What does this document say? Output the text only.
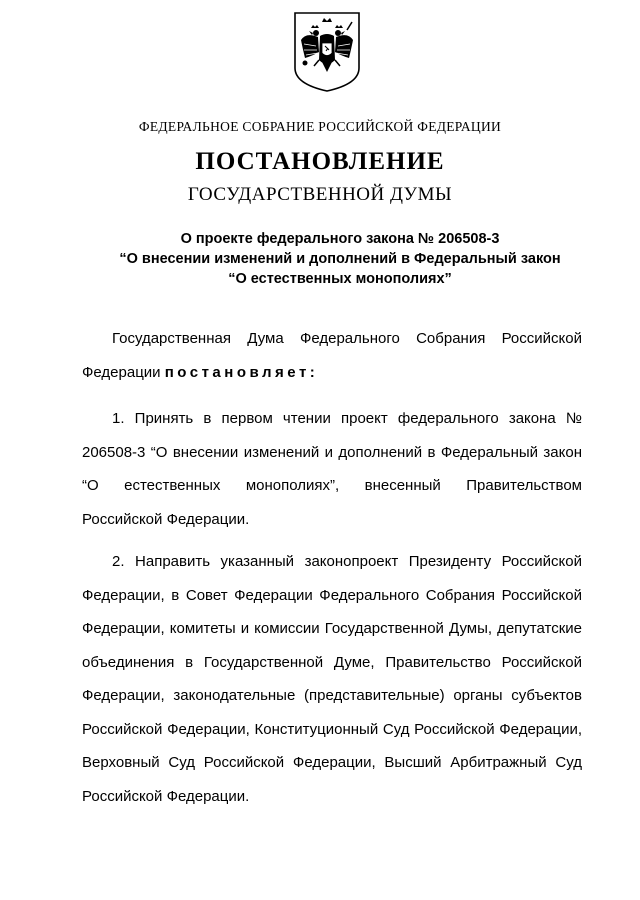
ФЕДЕРАЛЬНОЕ СОБРАНИЕ РОССИЙСКОЙ ФЕДЕРАЦИИ
ПОСТАНОВЛЕНИЕ
ГОСУДАРСТВЕННОЙ ДУМЫ
О проекте федерального закона № 206508-3
“О внесении изменений и дополнений в Федеральный закон
“О естественных монополиях”
Государственная Дума Федерального Собрания Российской
Федерации постановляет:
1. Принять в первом чтении проект федерального закона №
206508-3 “О внесении изменений и дополнений в Федеральный закон
“О естественных монополиях”, внесенный Правительством
Российской Федерации.
2. Направить указанный законопроект Президенту Российской
Федерации, в Совет Федерации Федерального Собрания Российской
Федерации, комитеты и комиссии Государственной Думы, депутатские
объединения в Государственной Думе, Правительство Российской
Федерации, законодательные (представительные) органы субъектов
Российской Федерации, Конституционный Суд Российской Федерации,
Верховный Суд Российской Федерации, Высший Арбитражный Суд
Российской Федерации.
